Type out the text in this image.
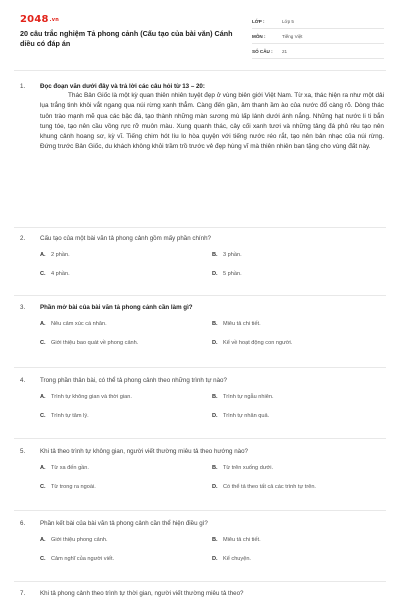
2048.vn
20 câu trắc nghiệm Tả phong cảnh (Cấu tạo của bài văn) Cánh diều có đáp án
LỚP :	Lớp 5
MÔN :	Tiếng Việt
SỐ CÂU :	21
1.	Đọc đoạn văn dưới đây và trả lời các câu hỏi từ 13 – 20:

Thác Bản Giốc là một kỳ quan thiên nhiên tuyệt đẹp ở vùng biên giới Việt Nam. Từ xa, thác hiện ra như một dải lụa trắng tinh khôi vắt ngang qua núi rừng xanh thẳm. Càng đến gần, âm thanh ầm ào của nước đổ càng rõ. Dòng thác tuôn trào mạnh mẽ qua các bậc đá, tạo thành những màn sương mù lấp lánh dưới ánh nắng. Những hạt nước li ti bắn tung tóe, tạo nên cầu vồng rực rỡ muôn màu. Xung quanh thác, cây cối xanh tươi và những tảng đá phủ rêu tạo nên khung cảnh hoang sơ, kỳ vĩ. Tiếng chim hót líu lo hòa quyện với tiếng nước réo rắt, tạo nên bản nhạc của núi rừng. Đứng trước Bản Giốc, du khách không khỏi trầm trồ trước vẻ đẹp hùng vĩ mà thiên nhiên ban tặng cho vùng đất này.

2.	Cấu tạo của một bài văn tả phong cảnh gồm mấy phần chính?
A. 2 phần.	B. 3 phần.
C. 4 phần.	D. 5 phần.
3.	Phần mở bài của bài văn tả phong cảnh cần làm gì?
A. Nêu cảm xúc cá nhân.	B. Miêu tả chi tiết.
C. Giới thiệu bao quát về phong cảnh.	D. Kể về hoạt động con người.
4.	Trong phần thân bài, có thể tả phong cảnh theo những trình tự nào?
A. Trình tự không gian và thời gian.	B. Trình tự ngẫu nhiên.
C. Trình tự tâm lý.	D. Trình tự nhân quả.
5.	Khi tả theo trình tự không gian, người viết thường miêu tả theo hướng nào?
A. Từ xa đến gần.	B. Từ trên xuống dưới.
C. Từ trong ra ngoài.	D. Có thể tả theo tất cả các trình tự trên.
6.	Phần kết bài của bài văn tả phong cảnh cần thể hiện điều gì?
A. Giới thiệu phong cảnh.	B. Miêu tả chi tiết.
C. Cảm nghĩ của người viết.	D. Kể chuyện.
7.	Khi tả phong cảnh theo trình tự thời gian, người viết thường miêu tả theo?
